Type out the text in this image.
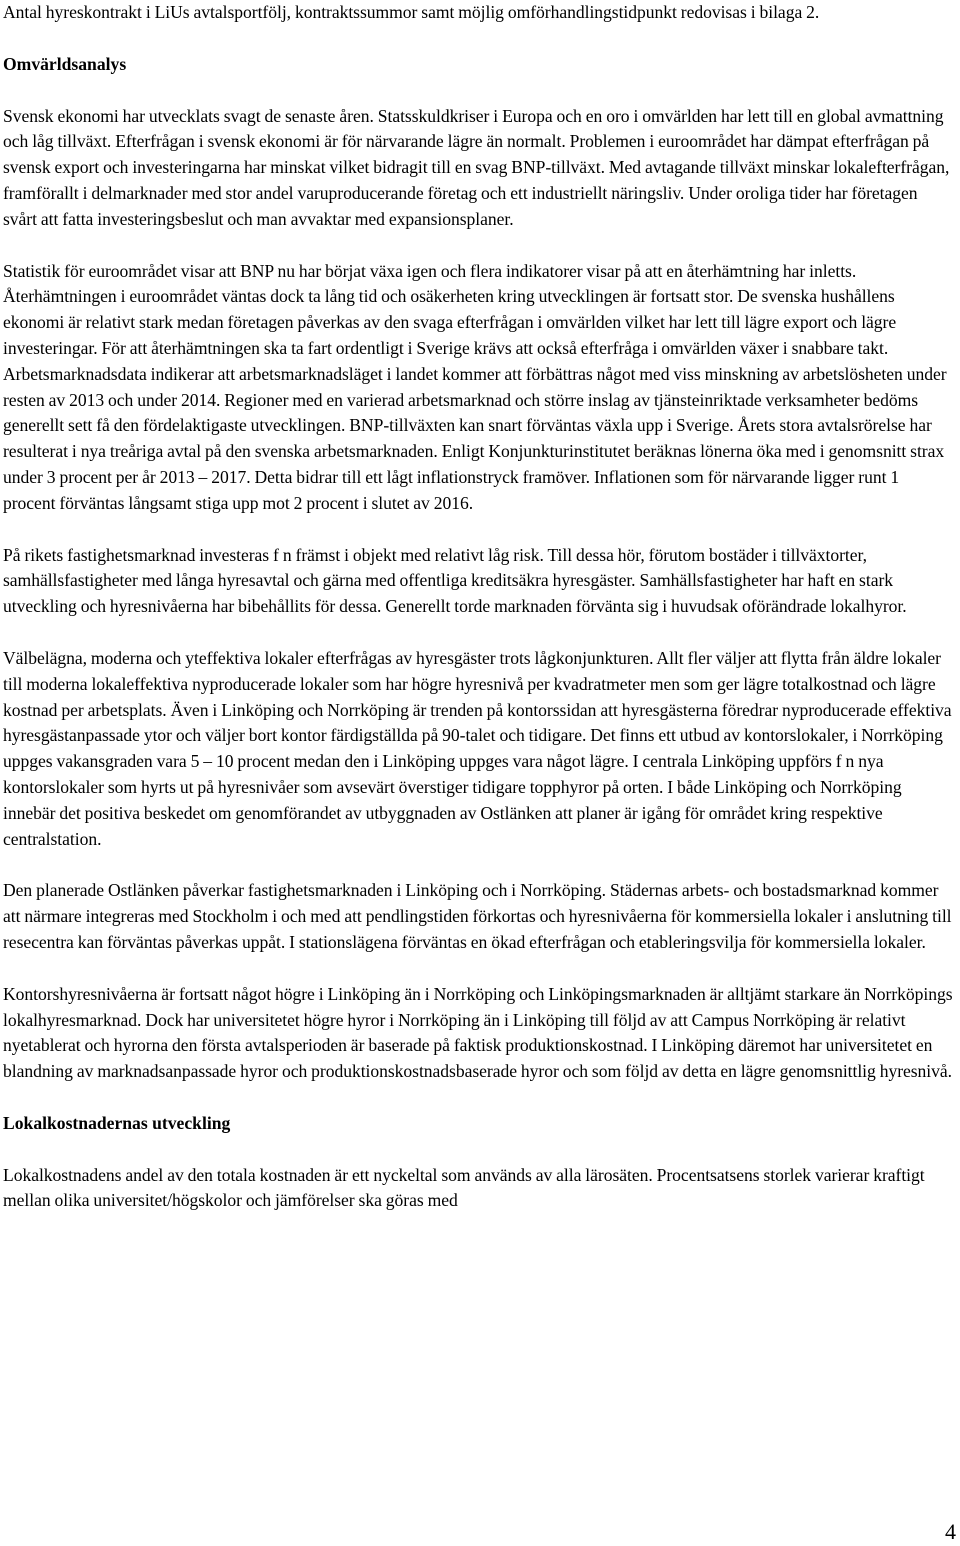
Antal hyreskontrakt i LiUs avtalsportfölj, kontraktssummor samt möjlig omförhandlingstidpunkt redovisas i bilaga 2.

Omvärldsanalys

Svensk ekonomi har utvecklats svagt de senaste åren. Statsskuldkriser i Europa och en oro i omvärlden har lett till en global avmattning och låg tillväxt. Efterfrågan i svensk ekonomi är för närvarande lägre än normalt. Problemen i euroområdet har dämpat efterfrågan på svensk export och investeringarna har minskat vilket bidragit till en svag BNP-tillväxt. Med avtagande tillväxt minskar lokalefterfrågan, framförallt i delmarknader med stor andel varuproducerande företag och ett industriellt näringsliv. Under oroliga tider har företagen svårt att fatta investeringsbeslut och man avvaktar med expansionsplaner.

Statistik för euroområdet visar att BNP nu har börjat växa igen och flera indikatorer visar på att en återhämtning har inletts. Återhämtningen i euroområdet väntas dock ta lång tid och osäkerheten kring utvecklingen är fortsatt stor. De svenska hushållens ekonomi är relativt stark medan företagen påverkas av den svaga efterfrågan i omvärlden vilket har lett till lägre export och lägre investeringar. För att återhämtningen ska ta fart ordentligt i Sverige krävs att också efterfråga i omvärlden växer i snabbare takt. Arbetsmarknadsdata indikerar att arbetsmarknadsläget i landet kommer att förbättras något med viss minskning av arbetslösheten under resten av 2013 och under 2014. Regioner med en varierad arbetsmarknad och större inslag av tjänsteinriktade verksamheter bedöms generellt sett få den fördelaktigaste utvecklingen. BNP-tillväxten kan snart förväntas växla upp i Sverige. Årets stora avtalsrörelse har resulterat i nya treåriga avtal på den svenska arbetsmarknaden. Enligt Konjunkturinstitutet beräknas lönerna öka med i genomsnitt strax under 3 procent per år 2013 – 2017. Detta bidrar till ett lågt inflationstryck framöver. Inflationen som för närvarande ligger runt 1 procent förväntas långsamt stiga upp mot 2 procent i slutet av 2016.

På rikets fastighetsmarknad investeras f n främst i objekt med relativt låg risk. Till dessa hör, förutom bostäder i tillväxtorter, samhällsfastigheter med långa hyresavtal och gärna med offentliga kreditsäkra hyresgäster. Samhällsfastigheter har haft en stark utveckling och hyresnivåerna har bibehållits för dessa. Generellt torde marknaden förvänta sig i huvudsak oförändrade lokalhyror.

Välbelägna, moderna och yteffektiva lokaler efterfrågas av hyresgäster trots lågkonjunkturen. Allt fler väljer att flytta från äldre lokaler till moderna lokaleffektiva nyproducerade lokaler som har högre hyresnivå per kvadratmeter men som ger lägre totalkostnad och lägre kostnad per arbetsplats. Även i Linköping och Norrköping är trenden på kontorssidan att hyresgästerna föredrar nyproducerade effektiva hyresgästanpassade ytor och väljer bort kontor färdigställda på 90-talet och tidigare. Det finns ett utbud av kontorslokaler, i Norrköping uppges vakansgraden vara 5 – 10 procent medan den i Linköping uppges vara något lägre. I centrala Linköping uppförs f n nya kontorslokaler som hyrts ut på hyresnivåer som avsevärt överstiger tidigare topphyror på orten. I både Linköping och Norrköping innebär det positiva beskedet om genomförandet av utbyggnaden av Ostlänken att planer är igång för området kring respektive centralstation.

Den planerade Ostlänken påverkar fastighetsmarknaden i Linköping och i Norrköping. Städernas arbets- och bostadsmarknad kommer att närmare integreras med Stockholm i och med att pendlingstiden förkortas och hyresnivåerna för kommersiella lokaler i anslutning till resecentra kan förväntas påverkas uppåt. I stationslägena förväntas en ökad efterfrågan och etableringsvilja för kommersiella lokaler.

Kontorshyresnivåerna är fortsatt något högre i Linköping än i Norrköping och Linköpingsmarknaden är alltjämt starkare än Norrköpings lokalhyresmarknad. Dock har universitetet högre hyror i Norrköping än i Linköping till följd av att Campus Norrköping är relativt nyetablerat och hyrorna den första avtalsperioden är baserade på faktisk produktionskostnad. I Linköping däremot har universitetet en blandning av marknadsanpassade hyror och produktionskostnadsbaserade hyror och som följd av detta en lägre genomsnittlig hyresnivå.

Lokalkostnadernas utveckling

Lokalkostnadens andel av den totala kostnaden är ett nyckeltal som används av alla lärosäten. Procentsatsens storlek varierar kraftigt mellan olika universitet/högskolor och jämförelser ska göras med

4
